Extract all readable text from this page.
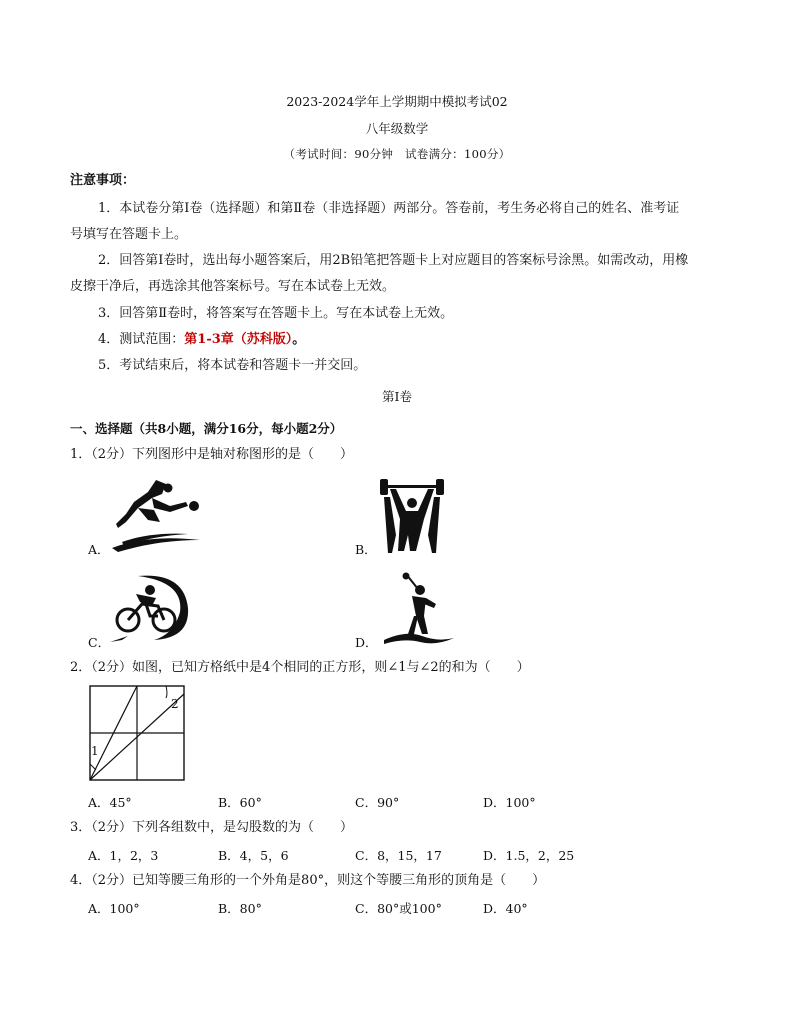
2023-2024学年上学期期中模拟考试02
八年级数学
（考试时间：90分钟　试卷满分：100分）
注意事项：
1．本试卷分第Ⅰ卷（选择题）和第Ⅱ卷（非选择题）两部分。答卷前，考生务必将自己的姓名、准考证
号填写在答题卡上。
2．回答第Ⅰ卷时，选出每小题答案后，用2B铅笔把答题卡上对应题目的答案标号涂黑。如需改动，用橡
皮擦干净后，再选涂其他答案标号。写在本试卷上无效。
3．回答第Ⅱ卷时，将答案写在答题卡上。写在本试卷上无效。
4．测试范围：第1-3章（苏科版）。
5．考试结束后，将本试卷和答题卡一并交回。
第Ⅰ卷
一、选择题（共8小题，满分16分，每小题2分）
1．（2分）下列图形中是轴对称图形的是（　　）
A．	B．
C．	D．
2．（2分）如图，已知方格纸中是4个相同的正方形，则∠1与∠2的和为（　　）
1
2
A．45°	B．60°	C．90°	D．100°
3．（2分）下列各组数中，是勾股数的为（　　）
A．1，2，3	B．4，5，6	C．8，15，17	D．1.5，2，25
4．（2分）已知等腰三角形的一个外角是80°，则这个等腰三角形的顶角是（　　）
A．100°	B．80°	C．80°或100°	D．40°
